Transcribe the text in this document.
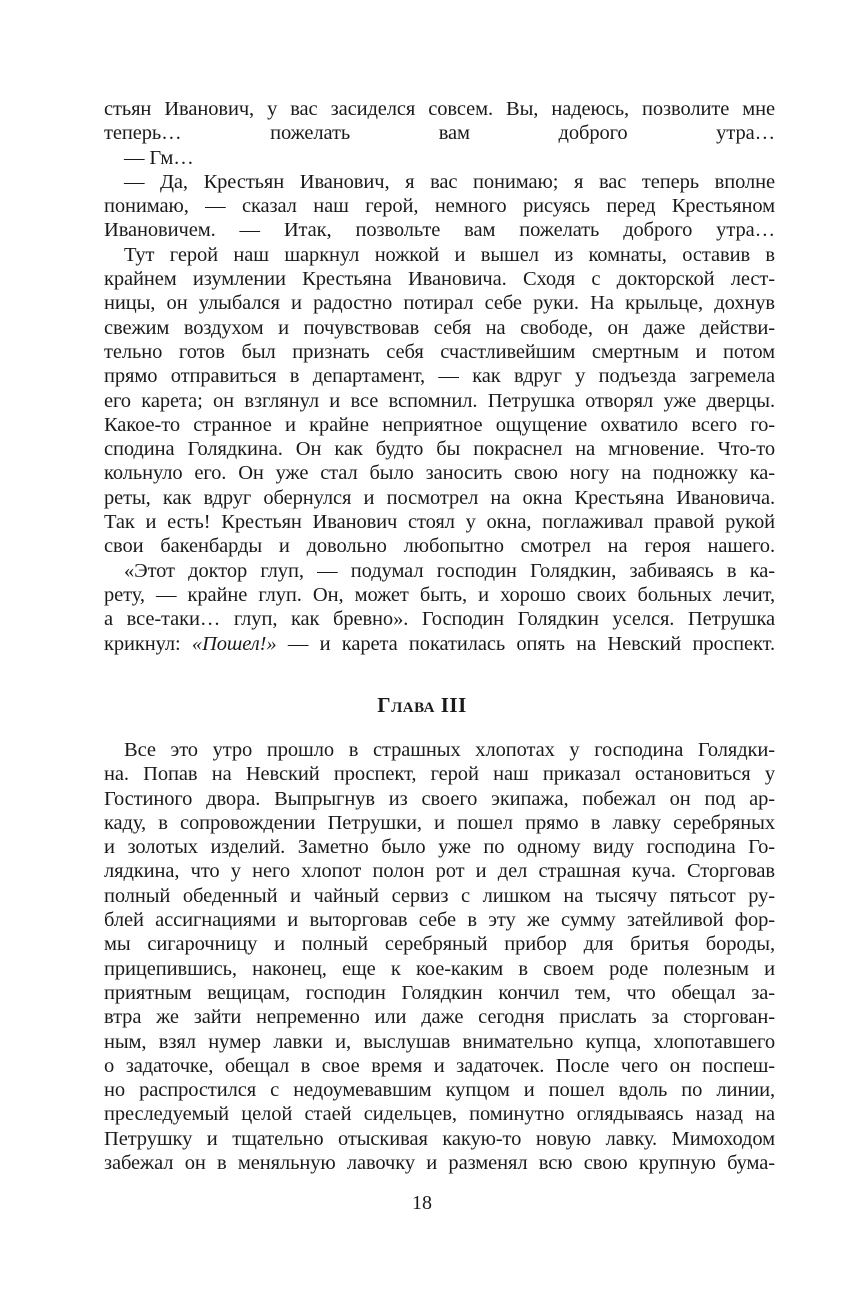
стьян Иванович, у вас засиделся совсем. Вы, надеюсь, позволите мне
теперь… пожелать вам доброго утра…

— Гм…

— Да, Крестьян Иванович, я вас понимаю; я вас теперь вполне
понимаю, — сказал наш герой, немного рисуясь перед Крестьяном
Ивановичем. — Итак, позвольте вам пожелать доброго утра…

Тут герой наш шаркнул ножкой и вышел из комнаты, оставив в
крайнем изумлении Крестьяна Ивановича. Сходя с докторской лест-
ницы, он улыбался и радостно потирал себе руки. На крыльце, дохнув
свежим воздухом и почувствовав себя на свободе, он даже действи-
тельно готов был признать себя счастливейшим смертным и потом
прямо отправиться в департамент, — как вдруг у подъезда загремела
его карета; он взглянул и все вспомнил. Петрушка отворял уже дверцы.
Какое-то странное и крайне неприятное ощущение охватило всего го-
сподина Голядкина. Он как будто бы покраснел на мгновение. Что-то
кольнуло его. Он уже стал было заносить свою ногу на подножку ка-
реты, как вдруг обернулся и посмотрел на окна Крестьяна Ивановича.
Так и есть! Крестьян Иванович стоял у окна, поглаживал правой рукой
свои бакенбарды и довольно любопытно смотрел на героя нашего.

«Этот доктор глуп, — подумал господин Голядкин, забиваясь в ка-
рету, — крайне глуп. Он, может быть, и хорошо своих больных лечит,
а все-таки… глуп, как бревно». Господин Голядкин уселся. Петрушка
крикнул: «Пошел!» — и карета покатилась опять на Невский проспект.

Глава III

Все это утро прошло в страшных хлопотах у господина Голядки-
на. Попав на Невский проспект, герой наш приказал остановиться у
Гостиного двора. Выпрыгнув из своего экипажа, побежал он под ар-
каду, в сопровождении Петрушки, и пошел прямо в лавку серебряных
и золотых изделий. Заметно было уже по одному виду господина Го-
лядкина, что у него хлопот полон рот и дел страшная куча. Сторговав
полный обеденный и чайный сервиз с лишком на тысячу пятьсот ру-
блей ассигнациями и выторговав себе в эту же сумму затейливой фор-
мы сигарочницу и полный серебряный прибор для бритья бороды,
прицепившись, наконец, еще к кое-каким в своем роде полезным и
приятным вещицам, господин Голядкин кончил тем, что обещал за-
втра же зайти непременно или даже сегодня прислать за сторгован-
ным, взял нумер лавки и, выслушав внимательно купца, хлопотавшего
о задаточке, обещал в свое время и задаточек. После чего он поспеш-
но распростился с недоумевавшим купцом и пошел вдоль по линии,
преследуемый целой стаей сидельцев, поминутно оглядываясь назад на
Петрушку и тщательно отыскивая какую-то новую лавку. Мимоходом
забежал он в меняльную лавочку и разменял всю свою крупную бума-

18
